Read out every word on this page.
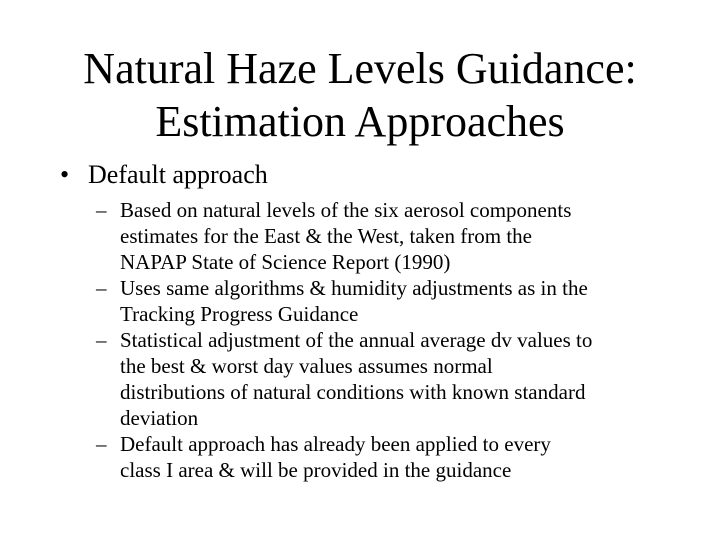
Natural Haze Levels Guidance:
Estimation Approaches
• Default approach
– Based on natural levels of the six aerosol components
estimates for the East & the West, taken from the
NAPAP State of Science Report (1990)
– Uses same algorithms & humidity adjustments as in the
Tracking Progress Guidance
– Statistical adjustment of the annual average dv values to
the best & worst day values assumes normal
distributions of natural conditions with known standard
deviation
– Default approach has already been applied to every
class I area & will be provided in the guidance
